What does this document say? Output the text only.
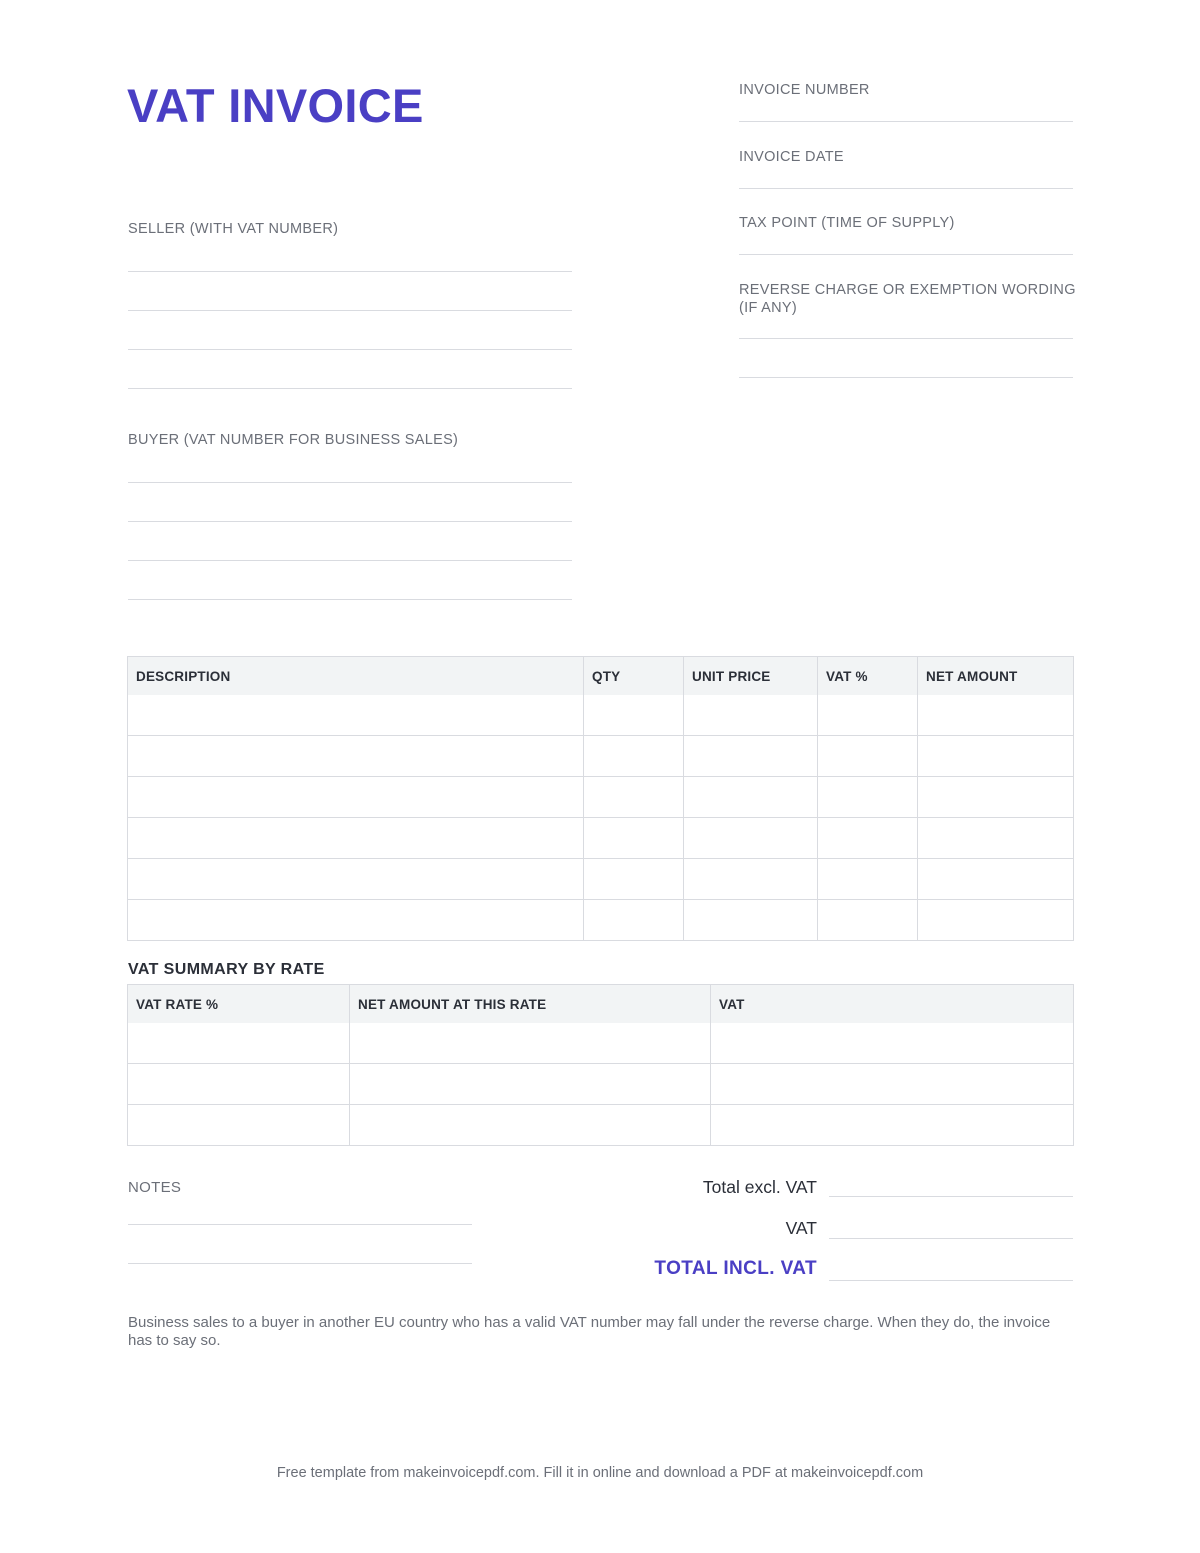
VAT INVOICE	INVOICE NUMBER
INVOICE DATE
TAX POINT (TIME OF SUPPLY)
REVERSE CHARGE OR EXEMPTION WORDING (IF ANY)
SELLER (WITH VAT NUMBER)
BUYER (VAT NUMBER FOR BUSINESS SALES)
DESCRIPTION	QTY	UNIT PRICE	VAT %	NET AMOUNT

VAT SUMMARY BY RATE
VAT RATE %	NET AMOUNT AT THIS RATE	VAT

NOTES	Total excl. VAT
VAT
TOTAL INCL. VAT
Business sales to a buyer in another EU country who has a valid VAT number may fall under the reverse charge. When they do, the invoice has to say so.
Free template from makeinvoicepdf.com. Fill it in online and download a PDF at makeinvoicepdf.com
